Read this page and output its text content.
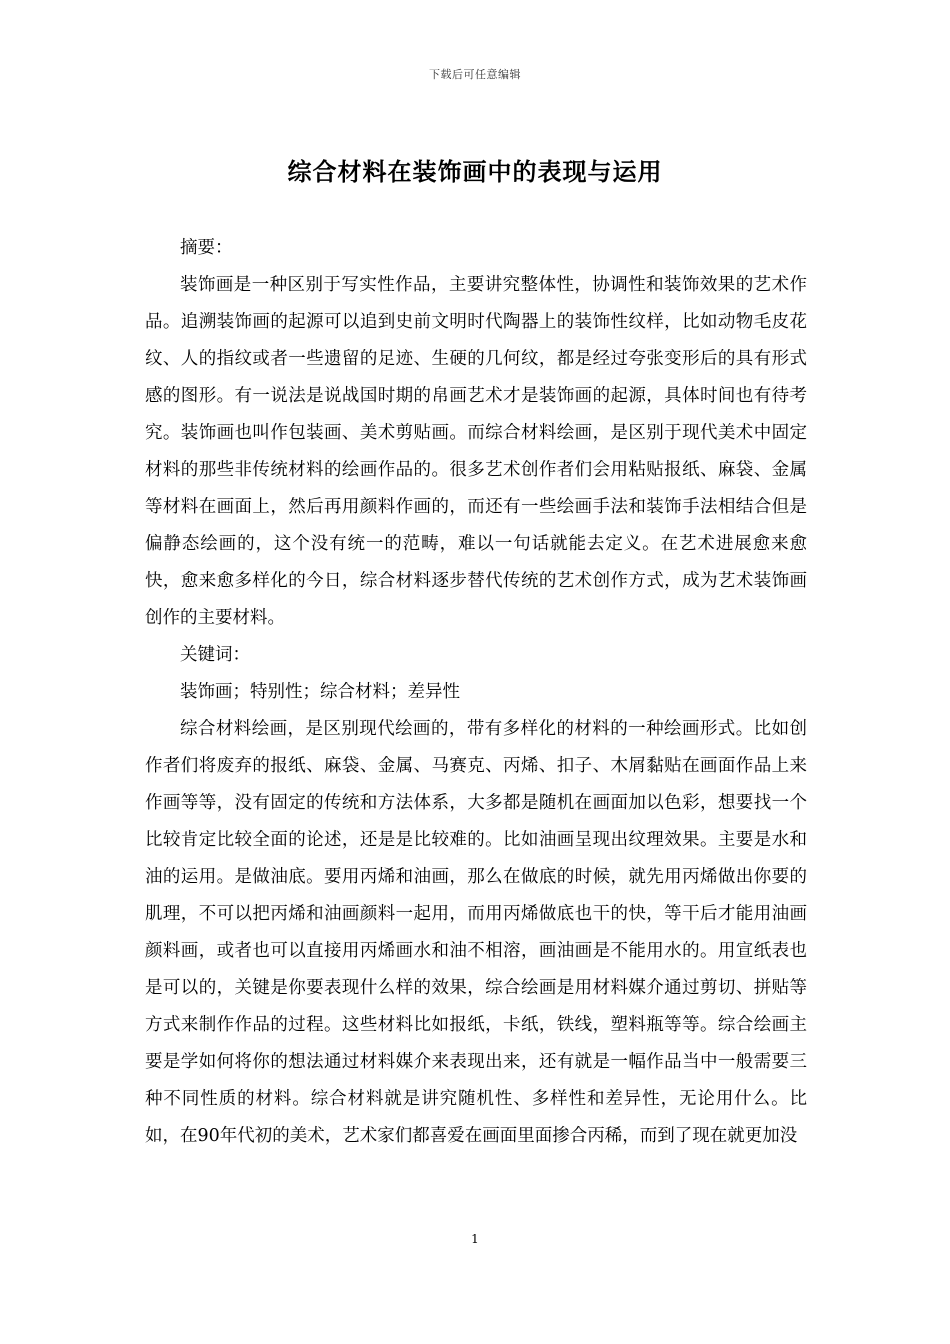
下载后可任意编辑
综合材料在装饰画中的表现与运用

摘要：

装饰画是一种区别于写实性作品，主要讲究整体性，协调性和装饰效果的艺术作品。追溯装饰画的起源可以追到史前文明时代陶器上的装饰性纹样，比如动物毛皮花纹、人的指纹或者一些遗留的足迹、生硬的几何纹，都是经过夸张变形后的具有形式感的图形。有一说法是说战国时期的帛画艺术才是装饰画的起源，具体时间也有待考究。装饰画也叫作包装画、美术剪贴画。而综合材料绘画，是区别于现代美术中固定材料的那些非传统材料的绘画作品的。很多艺术创作者们会用粘贴报纸、麻袋、金属等材料在画面上，然后再用颜料作画的，而还有一些绘画手法和装饰手法相结合但是偏静态绘画的，这个没有统一的范畴，难以一句话就能去定义。在艺术进展愈来愈快，愈来愈多样化的今日，综合材料逐步替代传统的艺术创作方式，成为艺术装饰画创作的主要材料。

关键词：

装饰画；特别性；综合材料；差异性

综合材料绘画，是区别现代绘画的，带有多样化的材料的一种绘画形式。比如创作者们将废弃的报纸、麻袋、金属、马赛克、丙烯、扣子、木屑黏贴在画面作品上来作画等等，没有固定的传统和方法体系，大多都是随机在画面加以色彩，想要找一个比较肯定比较全面的论述，还是是比较难的。比如油画呈现出纹理效果。主要是水和油的运用。是做油底。要用丙烯和油画，那么在做底的时候，就先用丙烯做出你要的肌理，不可以把丙烯和油画颜料一起用，而用丙烯做底也干的快，等干后才能用油画颜料画，或者也可以直接用丙烯画水和油不相溶，画油画是不能用水的。用宣纸表也是可以的，关键是你要表现什么样的效果，综合绘画是用材料媒介通过剪切、拼贴等方式来制作作品的过程。这些材料比如报纸，卡纸，铁线，塑料瓶等等。综合绘画主要是学如何将你的想法通过材料媒介来表现出来，还有就是一幅作品当中一般需要三种不同性质的材料。综合材料就是讲究随机性、多样性和差异性，无论用什么。比如，在90年代初的美术，艺术家们都喜爱在画面里面掺合丙稀，而到了现在就更加没

1
